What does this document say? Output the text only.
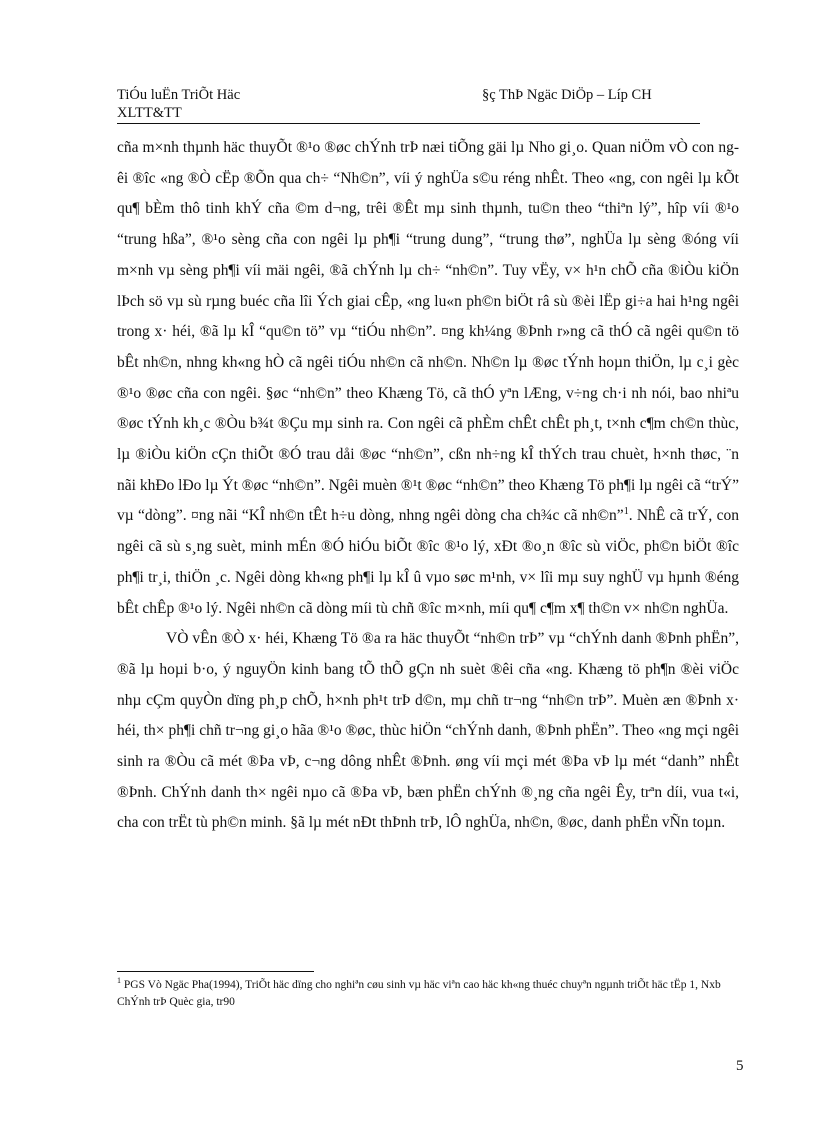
TiÓu luËn TriÕt Häc
XLTT&TT
§ç ThÞ Ngäc DiÖp – Líp CH

cña m×nh thµnh häc thuyÕt ®¹o ®øc chÝnh trÞ næi tiÕng gäi lµ Nho gi¸o. Quan niÖm vÒ con ngêi ®îc «ng ®Ò cËp ®Õn qua ch÷ “Nh©n”, víi ý nghÜa s©u réng nhÊt. Theo «ng, con ngêi lµ kÕt qu¶ bÈm thô tinh khÝ cña ©m d¬ng, trêi ®Êt mµ sinh thµnh, tu©n theo “thiªn lý”, hîp víi ®¹o “trung hßa”, ®¹o sèng cña con ngêi lµ ph¶i “trung dung”, “trung thø”, nghÜa lµ sèng ®óng víi m×nh vµ sèng ph¶i víi mäi ngêi, ®ã chÝnh lµ ch÷ “nh©n”. Tuy vËy, v× h¹n chÕ cña ®iÒu kiÖn lÞch sö vµ sù rµng buéc cña lîi Ých giai cÊp, «ng lu«n ph©n biÖt râ sù ®èi lËp gi÷a hai h¹ng ngêi trong x· héi, ®ã lµ kÎ “qu©n tö” vµ “tiÓu nh©n”. ¤ng kh¼ng ®Þnh r»ng cã thÓ cã ngêi qu©n tö bÊt nh©n, nhng kh«ng hÒ cã ngêi tiÓu nh©n cã nh©n. Nh©n lµ ®øc tÝnh hoµn thiÖn, lµ c¸i gèc ®¹o ®øc cña con ngêi. §øc “nh©n” theo Khæng Tö, cã thÓ yªn lÆng, v÷ng ch·i nh nói, bao nhiªu ®øc tÝnh kh¸c ®Òu b¾t ®Çu mµ sinh ra. Con ngêi cã phÈm chÊt chÊt ph¸t, t×nh c¶m ch©n thùc, lµ ®iÒu kiÖn cÇn thiÕt ®Ó trau dåi ®øc “nh©n”, cßn nh÷ng kÎ thÝch trau chuèt, h×nh thøc, ¨n nãi khÐo lÐo lµ Ýt ®øc “nh©n”. Ngêi muèn ®¹t ®øc “nh©n” theo Khæng Tö ph¶i lµ ngêi cã “trÝ” vµ “dòng”. ¤ng nãi “KÎ nh©n tÊt h÷u dòng, nhng ngêi dòng cha ch¾c cã nh©n”$^1$. NhÊ cã trÝ, con ngêi cã sù s¸ng suèt, minh mÉn ®Ó hiÓu biÕt ®îc ®¹o lý, xÐt ®o¸n ®îc sù viÖc, ph©n biÖt ®îc ph¶i tr¸i, thiÖn ¸c. Ngêi dòng kh«ng ph¶i lµ kÎ û vµo søc m¹nh, v× lîi mµ suy nghÜ vµ hµnh ®éng bÊt chÊp ®¹o lý. Ngêi nh©n cã dòng míi tù chñ ®îc m×nh, míi qu¶ c¶m x¶ th©n v× nh©n nghÜa.

VÒ vÊn ®Ò x· héi, Khæng Tö ®a ra häc thuyÕt “nh©n trÞ” vµ “chÝnh danh ®Þnh phËn”, ®ã lµ hoµi b·o, ý nguyÖn kinh bang tÕ thÕ gÇn nh suèt ®êi cña «ng. Khæng tö ph¶n ®èi viÖc nhµ cÇm quyÒn dïng ph¸p chÕ, h×nh ph¹t trÞ d©n, mµ chñ tr¬ng “nh©n trÞ”. Muèn æn ®Þnh x· héi, th× ph¶i chñ tr¬ng gi¸o hãa ®¹o ®øc, thùc hiÖn “chÝnh danh, ®Þnh phËn”. Theo «ng mçi ngêi sinh ra ®Òu cã mét ®Þa vÞ, c¬ng dông nhÊt ®Þnh. øng víi mçi mét ®Þa vÞ lµ mét “danh” nhÊt ®Þnh. ChÝnh danh th× ngêi nµo cã ®Þa vÞ, bæn phËn chÝnh ®¸ng cña ngêi Êy, trªn díi, vua t«i, cha con trËt tù ph©n minh. §ã lµ mét nÐt thÞnh trÞ, lÔ nghÜa, nh©n, ®øc, danh phËn vÑn toµn.

$^1$ PGS Vò Ngäc Pha(1994), TriÕt häc dïng cho nghiªn cøu sinh vµ häc viªn cao häc kh«ng thuéc chuyªn ngµnh triÕt häc tËp 1, Nxb ChÝnh trÞ Quèc gia, tr90
5
